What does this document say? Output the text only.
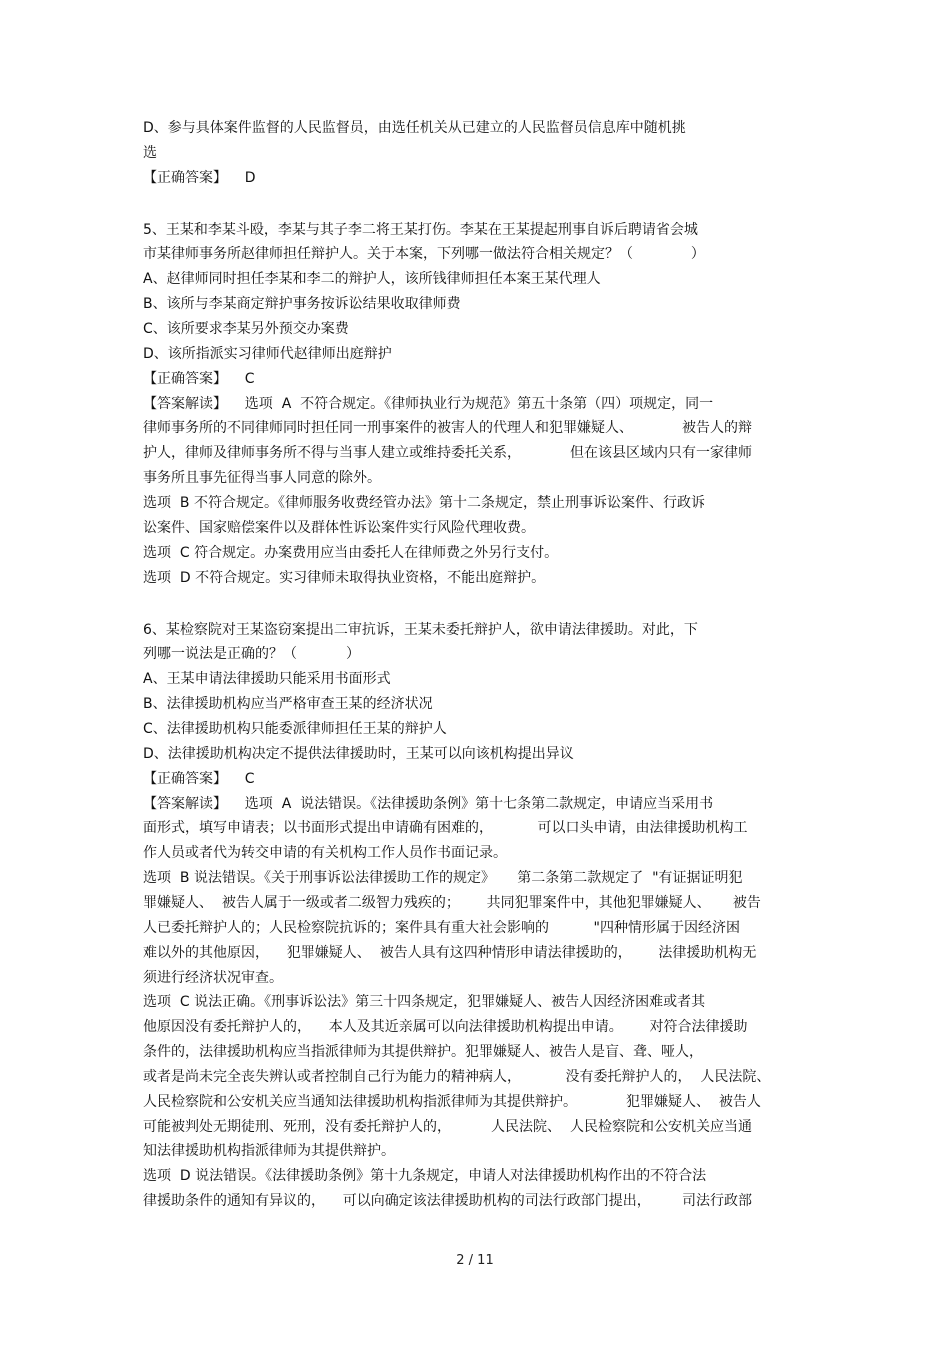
D、参与具体案件监督的人民监督员，由选任机关从已建立的人民监督员信息库中随机挑
选
【正确答案】    D
5、王某和李某斗殴，李某与其子李二将王某打伤。李某在王某提起刑事自诉后聘请省会城
市某律师事务所赵律师担任辩护人。关于本案，下列哪一做法符合相关规定？（             ）
A、赵律师同时担任李某和李二的辩护人，该所钱律师担任本案王某代理人
B、该所与李某商定辩护事务按诉讼结果收取律师费
C、该所要求李某另外预交办案费
D、该所指派实习律师代赵律师出庭辩护
【正确答案】    C
【答案解读】    选项  A  不符合规定。《律师执业行为规范》第五十条第（四）项规定，同一
律师事务所的不同律师同时担任同一刑事案件的被害人的代理人和犯罪嫌疑人、           被告人的辩
护人，律师及律师事务所不得与当事人建立或维持委托关系，           但在该县区域内只有一家律师
事务所且事先征得当事人同意的除外。
选项  B 不符合规定。《律师服务收费经管办法》第十二条规定，禁止刑事诉讼案件、行政诉
讼案件、国家赔偿案件以及群体性诉讼案件实行风险代理收费。
选项  C 符合规定。办案费用应当由委托人在律师费之外另行支付。
选项  D 不符合规定。实习律师未取得执业资格，不能出庭辩护。
6、某检察院对王某盗窃案提出二审抗诉，王某未委托辩护人，欲申请法律援助。对此，下
列哪一说法是正确的？（           ）
A、王某申请法律援助只能采用书面形式
B、法律援助机构应当严格审查王某的经济状况
C、法律援助机构只能委派律师担任王某的辩护人
D、法律援助机构决定不提供法律援助时，王某可以向该机构提出异议
【正确答案】    C
【答案解读】    选项  A  说法错误。《法律援助条例》第十七条第二款规定，申请应当采用书
面形式，填写申请表；以书面形式提出申请确有困难的，          可以口头申请，由法律援助机构工
作人员或者代为转交申请的有关机构工作人员作书面记录。
选项  B 说法错误。《关于刑事诉讼法律援助工作的规定》     第二条第二款规定了  "有证据证明犯
罪嫌疑人、  被告人属于一级或者二级智力残疾的；      共同犯罪案件中，其他犯罪嫌疑人、     被告
人已委托辩护人的；人民检察院抗诉的；案件具有重大社会影响的          "四种情形属于因经济困
难以外的其他原因，    犯罪嫌疑人、  被告人具有这四种情形申请法律援助的，      法律援助机构无
须进行经济状况审查。
选项  C 说法正确。《刑事诉讼法》第三十四条规定，犯罪嫌疑人、被告人因经济困难或者其
他原因没有委托辩护人的，    本人及其近亲属可以向法律援助机构提出申请。      对符合法律援助
条件的，法律援助机构应当指派律师为其提供辩护。犯罪嫌疑人、被告人是盲、聋、哑人，
或者是尚未完全丧失辨认或者控制自己行为能力的精神病人，          没有委托辩护人的，  人民法院、
人民检察院和公安机关应当通知法律援助机构指派律师为其提供辩护。           犯罪嫌疑人、  被告人
可能被判处无期徒刑、死刑，没有委托辩护人的，         人民法院、  人民检察院和公安机关应当通
知法律援助机构指派律师为其提供辩护。
选项  D 说法错误。《法律援助条例》第十九条规定，申请人对法律援助机构作出的不符合法
律援助条件的通知有异议的，    可以向确定该法律援助机构的司法行政部门提出，       司法行政部
2 / 11
